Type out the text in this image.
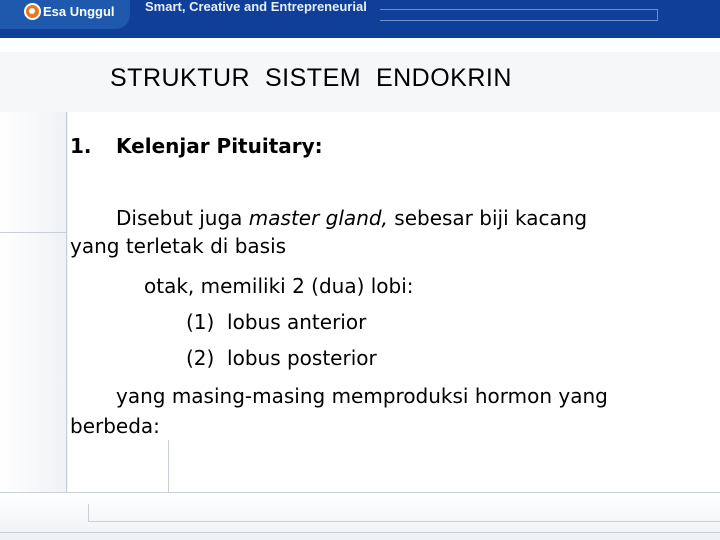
Esa Unggul Smart, Creative and Entrepreneurial
STRUKTUR  SISTEM  ENDOKRIN
1. Kelenjar Pituitary:
Disebut juga master gland, sebesar biji kacang
yang terletak di basis
otak, memiliki 2 (dua) lobi:
(1)  lobus anterior
(2)  lobus posterior
yang masing-masing memproduksi hormon yang
berbeda:
